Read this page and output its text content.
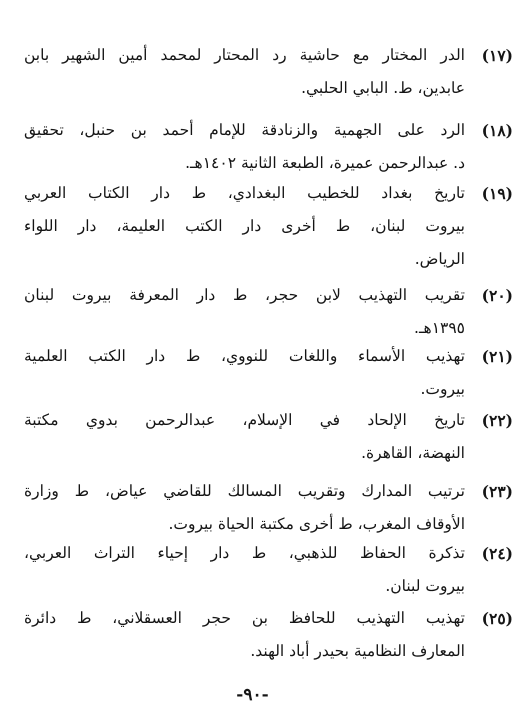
(١٧)
الدر المختار مع حاشية رد المحتار لمحمد أمين الشهير بابن
عابدين، ط. البابي الحلبي.
(١٨)
الرد على الجهمية والزنادقة للإمام أحمد بن حنبل، تحقيق
د. عبدالرحمن عميرة، الطبعة الثانية ١٤٠٢هـ.
(١٩)
تاريخ بغداد للخطيب البغدادي، ط دار الكتاب العربي
بيروت لبنان، ط أخرى دار الكتب العليمة، دار اللواء
الرياض.
(٢٠)
تقريب التهذيب لابن حجر، ط دار المعرفة بيروت لبنان
١٣٩٥هـ.
(٢١)
تهذيب الأسماء واللغات للنووي، ط دار الكتب العلمية
بيروت.
(٢٢)
تاريخ الإلحاد في الإسلام، عبدالرحمن بدوي مكتبة
النهضة، القاهرة.
(٢٣)
ترتيب المدارك وتقريب المسالك للقاضي عياض، ط وزارة
الأوقاف المغرب، ط أخرى مكتبة الحياة بيروت.
(٢٤)
تذكرة الحفاظ للذهبي، ط دار إحياء التراث العربي،
بيروت لبنان.
(٢٥)
تهذيب التهذيب للحافظ بن حجر العسقلاني، ط دائرة
المعارف النظامية بحيدر أباد الهند.
-٩٠-
